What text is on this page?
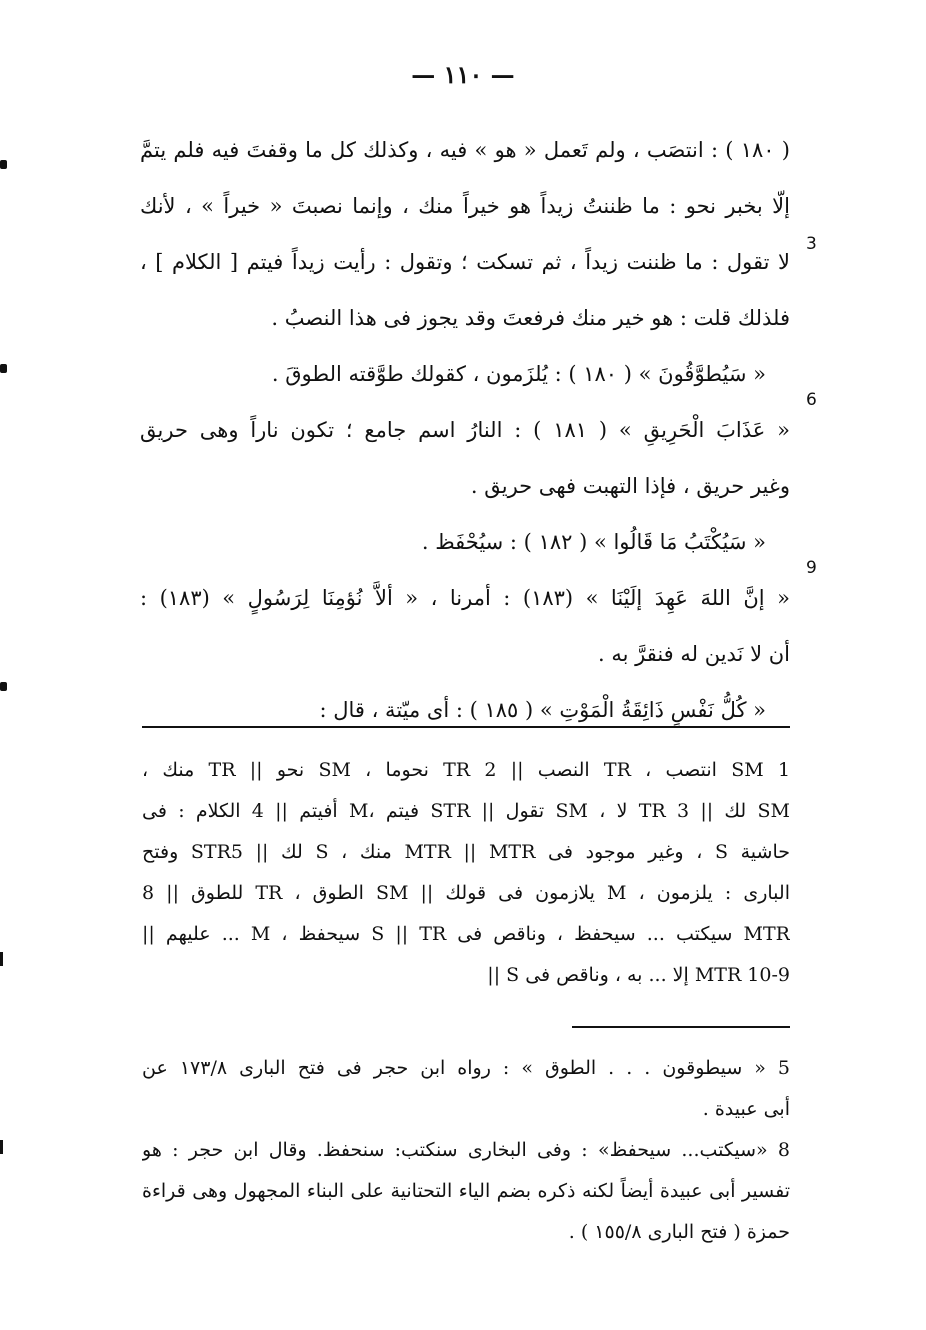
— ١١٠ —
( ١٨٠ ) : انتصَب ، ولم تَعمل « هو » فيه ، وكذلك كل ما وقفتَ فيه فلم يتمَّ
إلّا بخبر نحو : ما ظننتُ زيداً هو خيراً منك ، وإنما نصبتَ « خيراً » ، لأنك
لا تقول : ما ظننت زيداً ، ثم تسكت ؛ وتقول : رأيت زيداً فيتم [ الكلام ] ،
فلذلك قلت : هو خير منك فرفعتَ وقد يجوز فى هذا النصبُ .
« سَيُطوَّقُونَ » ( ١٨٠ ) : يُلزَمون ، كقولك طوَّقته الطوقَ .
« عَذَابَ الْحَرِيقِ » ( ١٨١ ) : النارُ اسم جامع ؛ تكون ناراً وهى حريق
وغير حريق ، فإذا التهبت فهى حريق .
« سَيُكْتَبُ مَا قَالُوا » ( ١٨٢ ) : سيُحْفَظ .
« إنَّ اللهَ عَهِدَ إلَيْنَا » (١٨٣) : أمرنا ، « ألاَّ نُؤمِنَا لِرَسُولٍ » (١٨٣) :
أن لا نَدين له فنقرَّ به .
« كُلُّ نَفْسٍ ذَائِقَةُ الْمَوْتِ » ( ١٨٥ ) : أى ميّتة ، قال :
3
6
9
1 SM انتصب ، TR النصب || 2 TR نحوما ، SM نحو || TR منك ،
SM لك || TR 3 لا ، SM تقول || STR فيتم ،M أفيتم || 4 الكلام : فى
حاشية S ، وغير موجود فى MTR || MTR منك ، S لك || STR5 وفتح
البارى : يلزمون ، M يلازمون فى قولك || SM الطوق ، TR للطوق || 8
MTR سيكتب ... سيحفظ ، وناقص فى S || TR سيحفظ ، M ... عليهم ||
MTR 10-9 إلا ... به ، وناقص فى S ||
5 « سيطوقون . . . الطوق » : رواه ابن حجر فى فتح البارى ١٧٣/٨ عن
أبى عبيدة .
8 «سيكتب... سيحفظ» : وفى البخارى سنكتب: سنحفظ. وقال ابن حجر : هو
تفسير أبى عبيدة أيضاً لكنه ذكره بضم الياء التحتانية على البناء المجهول وهى قراءة
حمزة ( فتح البارى ١٥٥/٨ ) .
